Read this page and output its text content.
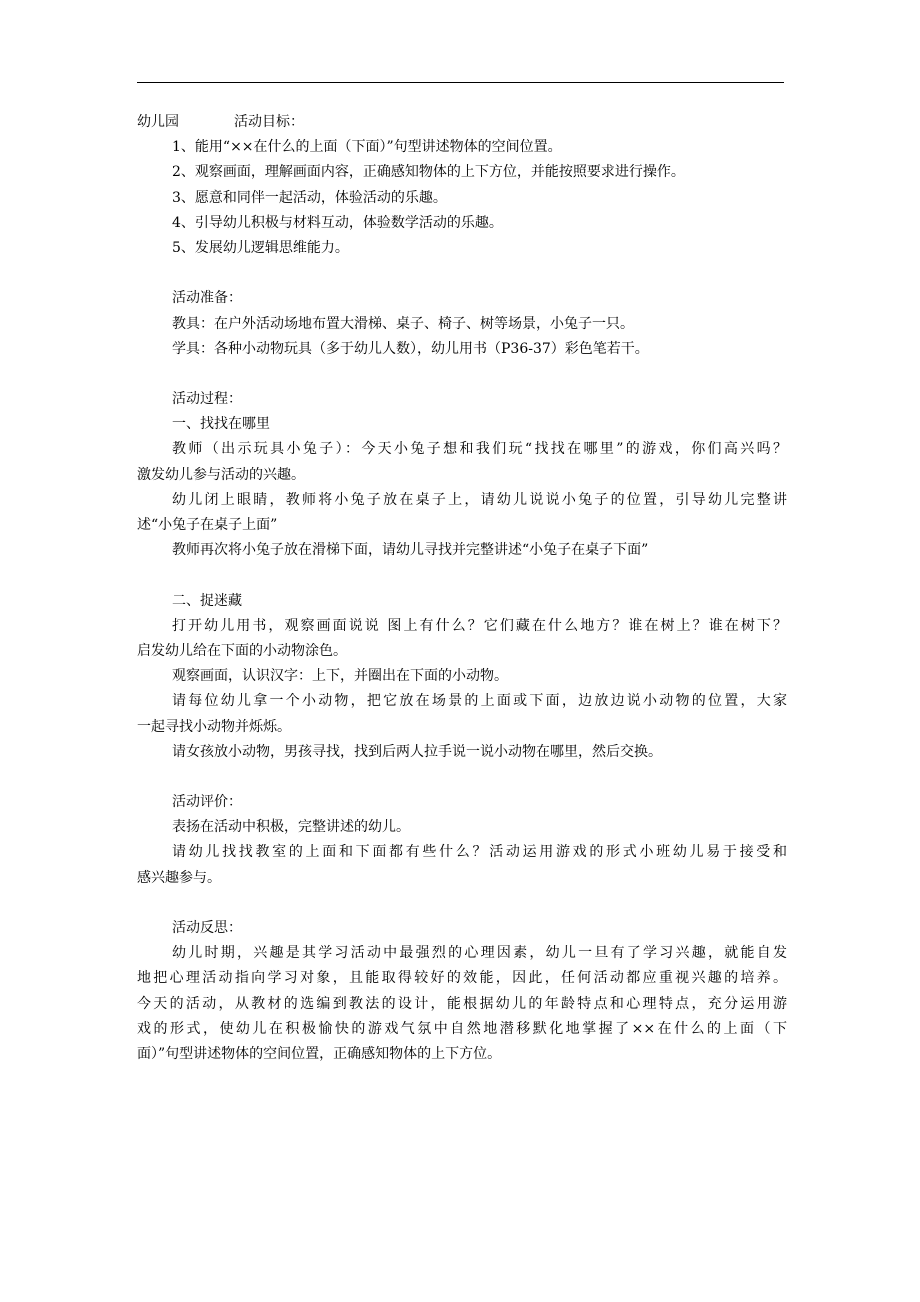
幼儿园	活动目标：
1、能用“××在什么的上面（下面）”句型讲述物体的空间位置。
2、观察画面，理解画面内容，正确感知物体的上下方位，并能按照要求进行操作。
3、愿意和同伴一起活动，体验活动的乐趣。
4、引导幼儿积极与材料互动，体验数学活动的乐趣。
5、发展幼儿逻辑思维能力。
活动准备：
教具：在户外活动场地布置大滑梯、桌子、椅子、树等场景，小兔子一只。
学具：各种小动物玩具（多于幼儿人数），幼儿用书（P36-37）彩色笔若干。
活动过程：
一、找找在哪里
教师（出示玩具小兔子）：今天小兔子想和我们玩“找找在哪里”的游戏，你们高兴吗？
激发幼儿参与活动的兴趣。
幼儿闭上眼睛，教师将小兔子放在桌子上，请幼儿说说小兔子的位置，引导幼儿完整讲
述“小兔子在桌子上面”
教师再次将小兔子放在滑梯下面，请幼儿寻找并完整讲述“小兔子在桌子下面”
二、捉迷藏
打开幼儿用书，观察画面说说 图上有什么？它们藏在什么地方？谁在树上？谁在树下？
启发幼儿给在下面的小动物涂色。
观察画面，认识汉字：上下，并圈出在下面的小动物。
请每位幼儿拿一个小动物，把它放在场景的上面或下面，边放边说小动物的位置，大家
一起寻找小动物并烁烁。
请女孩放小动物，男孩寻找，找到后两人拉手说一说小动物在哪里，然后交换。
活动评价：
表扬在活动中积极，完整讲述的幼儿。
请幼儿找找教室的上面和下面都有些什么？活动运用游戏的形式小班幼儿易于接受和
感兴趣参与。
活动反思：
幼儿时期，兴趣是其学习活动中最强烈的心理因素，幼儿一旦有了学习兴趣，就能自发
地把心理活动指向学习对象，且能取得较好的效能，因此，任何活动都应重视兴趣的培养。
今天的活动，从教材的选编到教法的设计，能根据幼儿的年龄特点和心理特点，充分运用游
戏的形式，使幼儿在积极愉快的游戏气氛中自然地潜移默化地掌握了××在什么的上面（下
面）”句型讲述物体的空间位置，正确感知物体的上下方位。
